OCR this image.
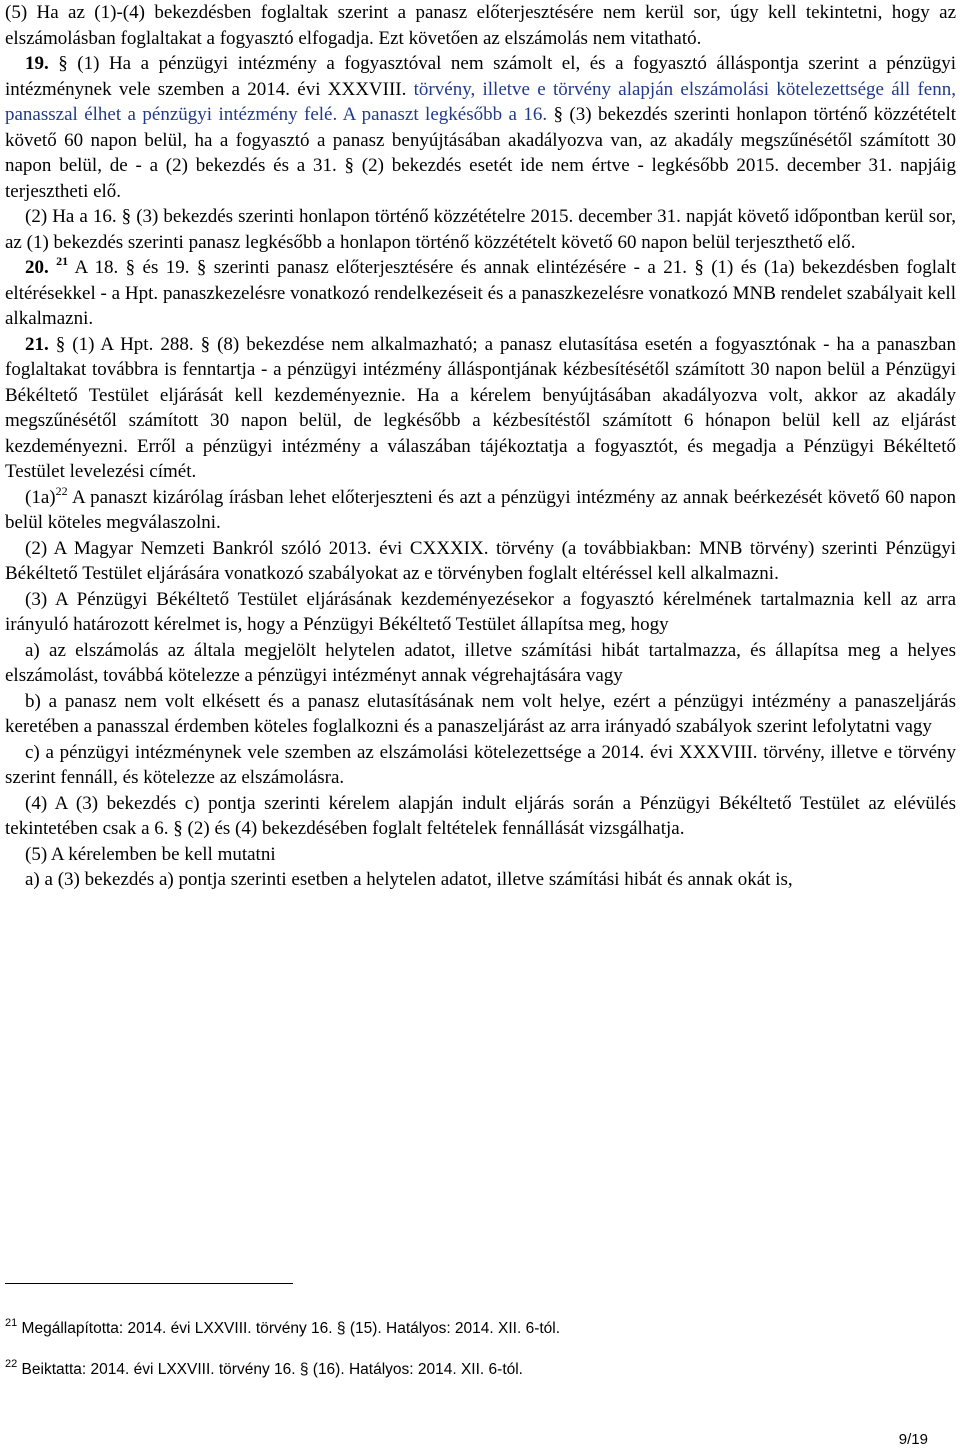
(5) Ha az (1)-(4) bekezdésben foglaltak szerint a panasz előterjesztésére nem kerül sor, úgy kell tekintetni, hogy az elszámolásban foglaltakat a fogyasztó elfogadja. Ezt követően az elszámolás nem vitatható.

19. § (1) Ha a pénzügyi intézmény a fogyasztóval nem számolt el, és a fogyasztó álláspontja szerint a pénzügyi intézménynek vele szemben a 2014. évi XXXVIII. törvény, illetve e törvény alapján elszámolási kötelezettsége áll fenn, panasszal élhet a pénzügyi intézmény felé. A panaszt legkésőbb a 16. § (3) bekezdés szerinti honlapon történő közzétételt követő 60 napon belül, ha a fogyasztó a panasz benyújtásában akadályozva van, az akadály megszűnésétől számított 30 napon belül, de - a (2) bekezdés és a 31. § (2) bekezdés esetét ide nem értve - legkésőbb 2015. december 31. napjáig terjesztheti elő.

(2) Ha a 16. § (3) bekezdés szerinti honlapon történő közzétételre 2015. december 31. napját követő időpontban kerül sor, az (1) bekezdés szerinti panasz legkésőbb a honlapon történő közzétételt követő 60 napon belül terjeszthető elő.

20. $^{21}$ A 18. § és 19. § szerinti panasz előterjesztésére és annak elintézésére - a 21. § (1) és (1a) bekezdésben foglalt eltérésekkel - a Hpt. panaszkezelésre vonatkozó rendelkezéseit és a panaszkezelésre vonatkozó MNB rendelet szabályait kell alkalmazni.

21. § (1) A Hpt. 288. § (8) bekezdése nem alkalmazható; a panasz elutasítása esetén a fogyasztónak - ha a panaszban foglaltakat továbbra is fenntartja - a pénzügyi intézmény álláspontjának kézbesítésétől számított 30 napon belül a Pénzügyi Békéltető Testület eljárását kell kezdeményeznie. Ha a kérelem benyújtásában akadályozva volt, akkor az akadály megszűnésétől számított 30 napon belül, de legkésőbb a kézbesítéstől számított 6 hónapon belül kell az eljárást kezdeményezni. Erről a pénzügyi intézmény a válaszában tájékoztatja a fogyasztót, és megadja a Pénzügyi Békéltető Testület levelezési címét.

$(1a)^{22}$ A panaszt kizárólag írásban lehet előterjeszteni és azt a pénzügyi intézmény az annak beérkezését követő 60 napon belül köteles megválaszolni.

(2) A Magyar Nemzeti Bankról szóló 2013. évi CXXXIX. törvény (a továbbiakban: MNB törvény) szerinti Pénzügyi Békéltető Testület eljárására vonatkozó szabályokat az e törvényben foglalt eltéréssel kell alkalmazni.

(3) A Pénzügyi Békéltető Testület eljárásának kezdeményezésekor a fogyasztó kérelmének tartalmaznia kell az arra irányuló határozott kérelmet is, hogy a Pénzügyi Békéltető Testület állapítsa meg, hogy

a) az elszámolás az általa megjelölt helytelen adatot, illetve számítási hibát tartalmazza, és állapítsa meg a helyes elszámolást, továbbá kötelezze a pénzügyi intézményt annak végrehajtására vagy

b) a panasz nem volt elkésett és a panasz elutasításának nem volt helye, ezért a pénzügyi intézmény a panaszeljárás keretében a panasszal érdemben köteles foglalkozni és a panaszeljárást az arra irányadó szabályok szerint lefolytatni vagy

c) a pénzügyi intézménynek vele szemben az elszámolási kötelezettsége a 2014. évi XXXVIII. törvény, illetve e törvény szerint fennáll, és kötelezze az elszámolásra.

(4) A (3) bekezdés c) pontja szerinti kérelem alapján indult eljárás során a Pénzügyi Békéltető Testület az elévülés tekintetében csak a 6. § (2) és (4) bekezdésében foglalt feltételek fennállását vizsgálhatja.

(5) A kérelemben be kell mutatni

a) a (3) bekezdés a) pontja szerinti esetben a helytelen adatot, illetve számítási hibát és annak okát is,

$^{21}$ Megállapította: 2014. évi LXXVIII. törvény 16. § (15). Hatályos: 2014. XII. 6-tól.
$^{22}$ Beiktatta: 2014. évi LXXVIII. törvény 16. § (16). Hatályos: 2014. XII. 6-tól.
9/19
